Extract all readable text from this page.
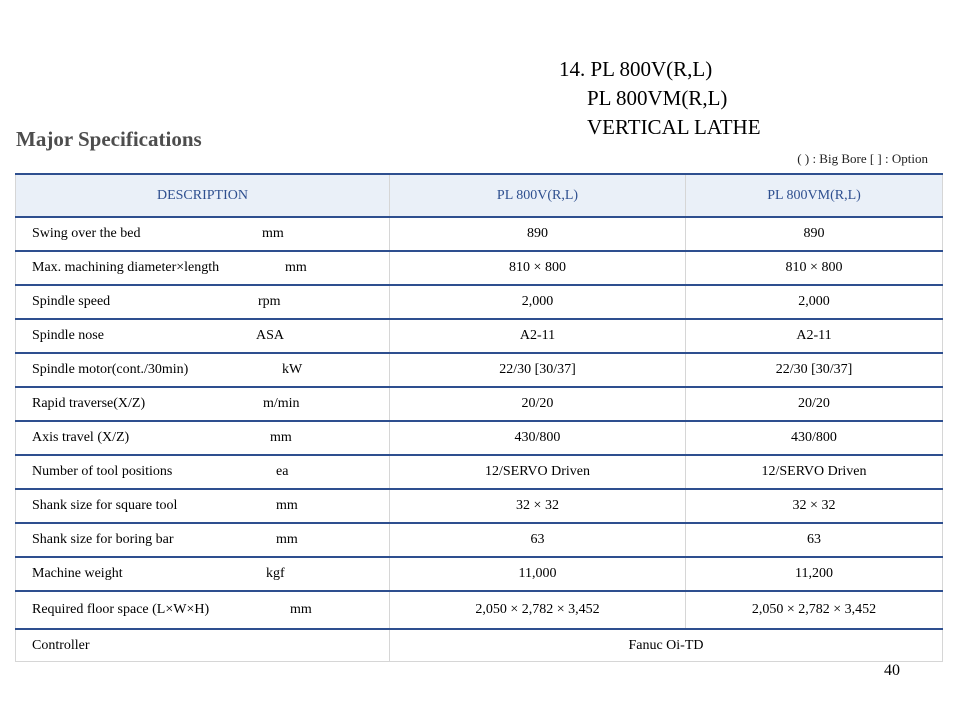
14. PL 800V(R,L)
PL 800VM(R,L)
VERTICAL LATHE
Major Specifications
( ) : Big Bore [ ] : Option
DESCRIPTION	PL 800V(R,L)	PL 800VM(R,L)

Swing over the bed mm	890	890

Max. machining diameter×length mm	810 × 800	810 × 800

Spindle speed rpm	2,000	2,000

Spindle nose ASA	A2-11	A2-11

Spindle motor(cont./30min) kW	22/30 [30/37]	22/30 [30/37]

Rapid traverse(X/Z) m/min	20/20	20/20

Axis travel (X/Z) mm	430/800	430/800

Number of tool positions ea	12/SERVO Driven	12/SERVO Driven

Shank size for square tool mm	32 × 32	32 × 32

Shank size for boring bar mm	63	63

Machine weight kgf	11,000	11,200

Required floor space (L×W×H) mm	2,050 × 2,782 × 3,452	2,050 × 2,782 × 3,452

Controller	Fanuc Oi-TD	
40
